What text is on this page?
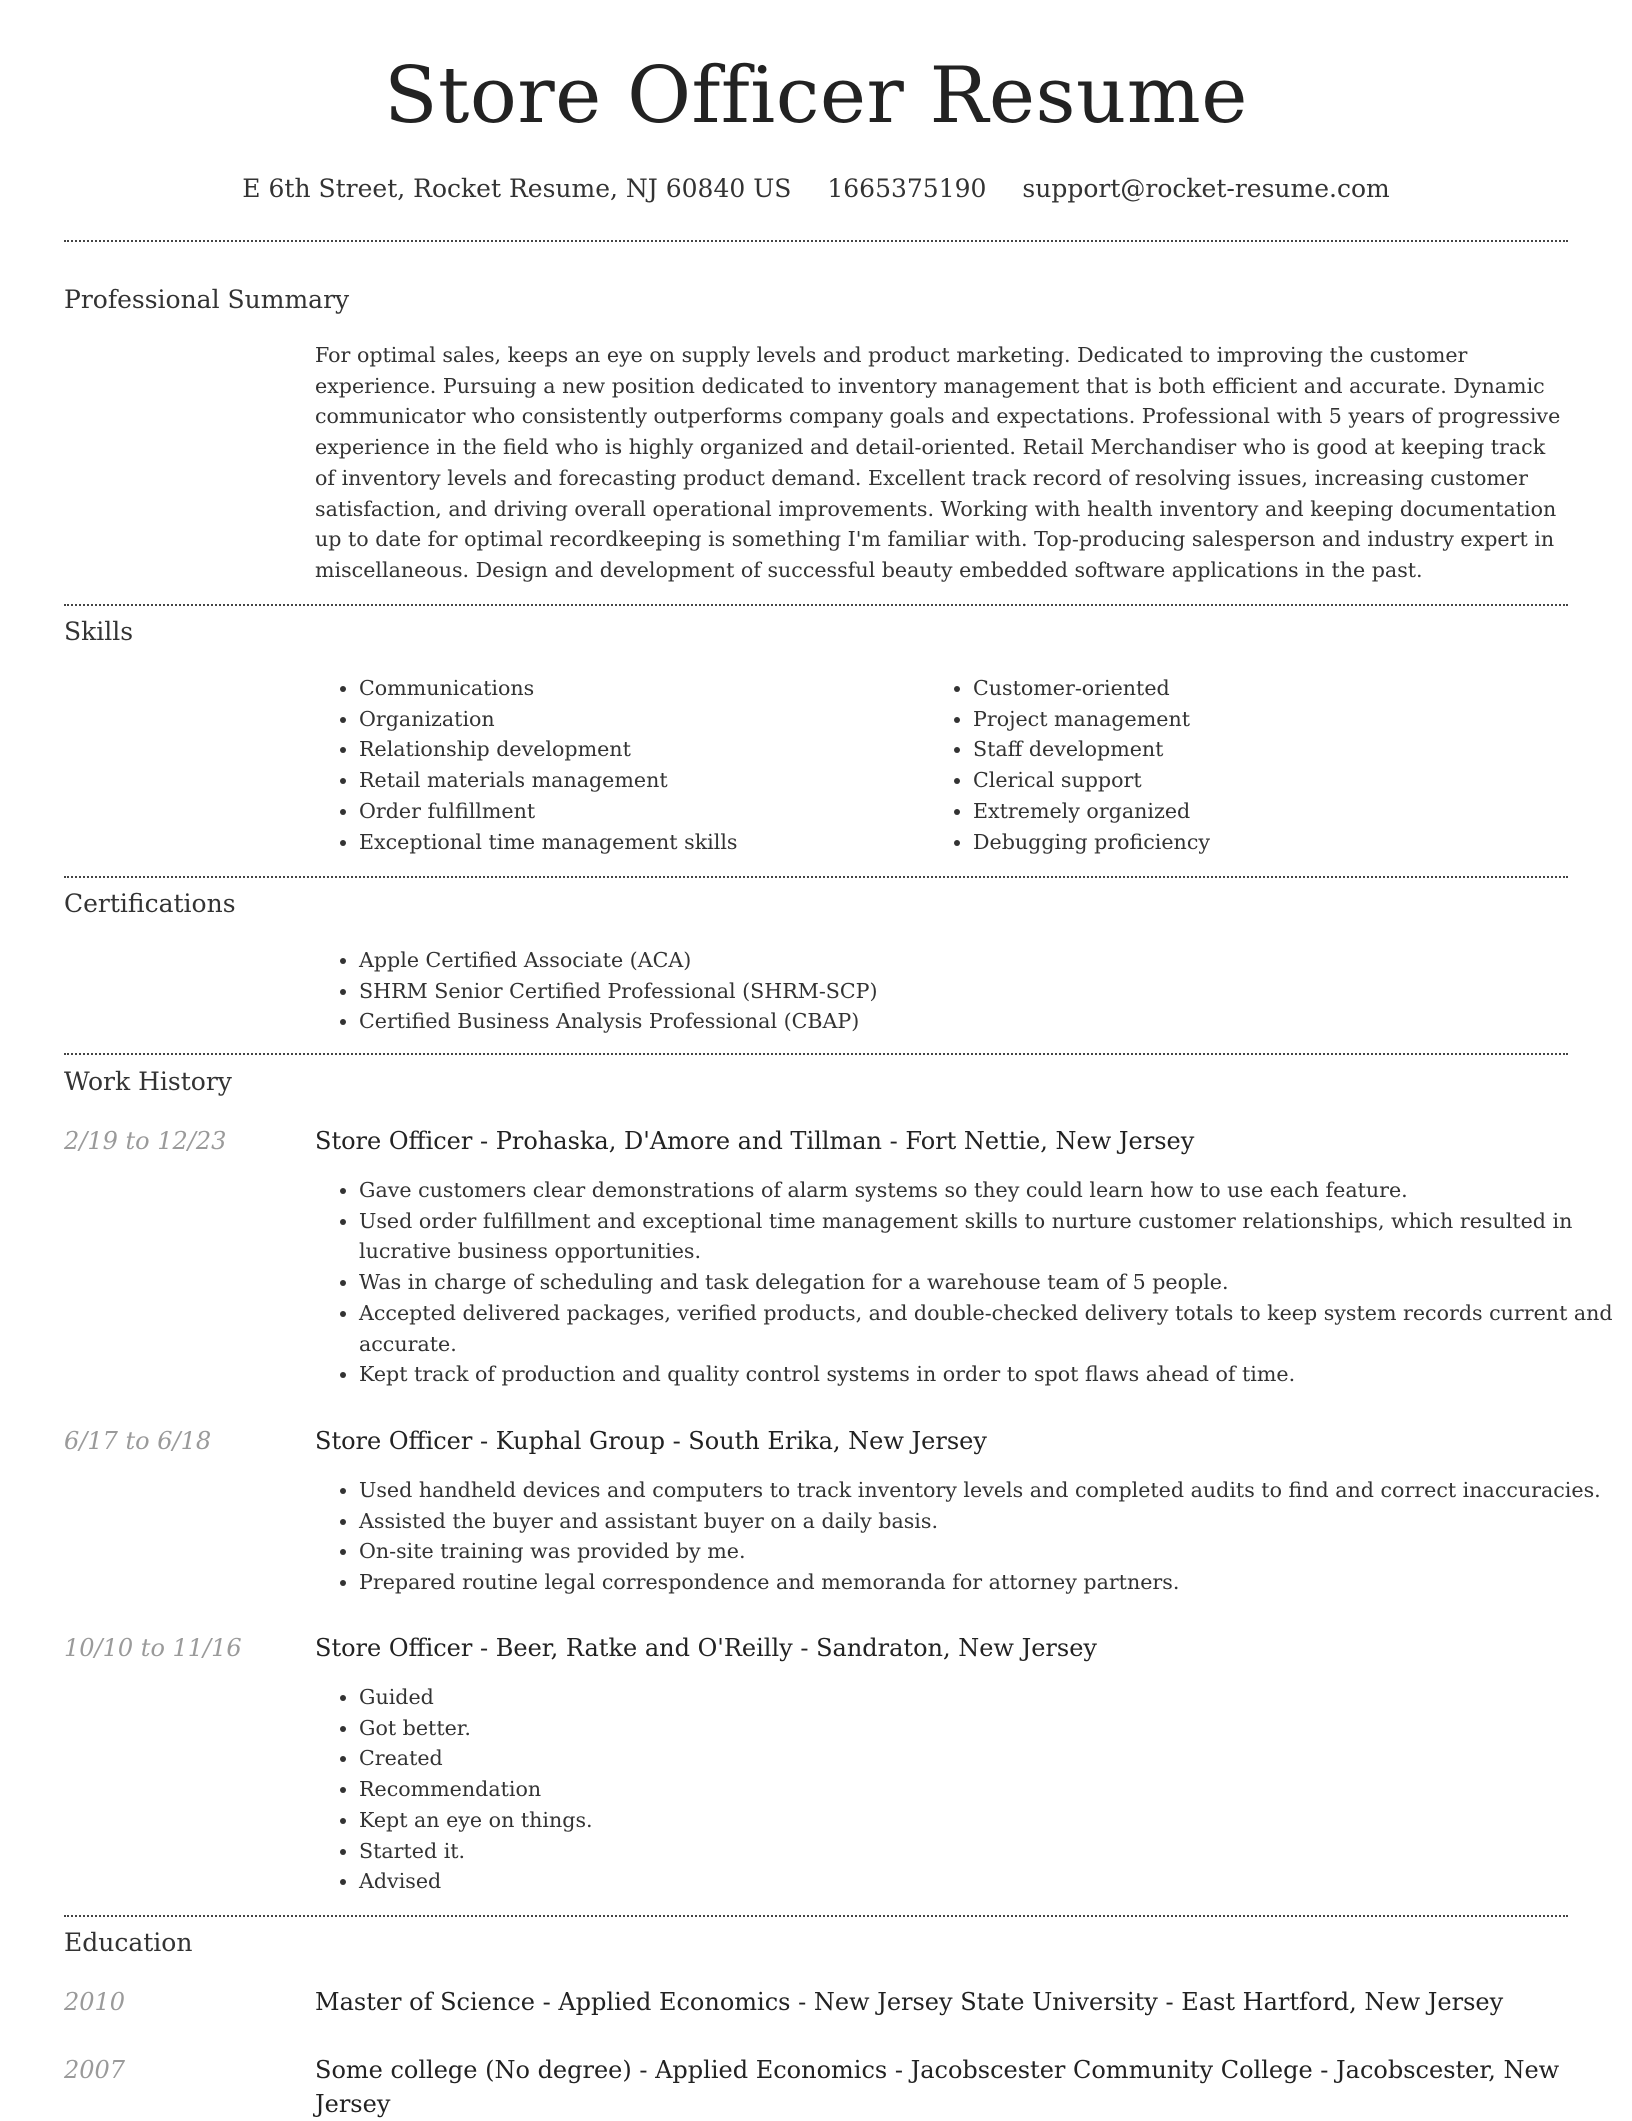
Store Officer Resume
E 6th Street, Rocket Resume, NJ 60840 US 1665375190 support@rocket-resume.com
Professional Summary

For optimal sales, keeps an eye on supply levels and product marketing. Dedicated to improving the customer experience. Pursuing a new position dedicated to inventory management that is both efficient and accurate. Dynamic communicator who consistently outperforms company goals and expectations. Professional with 5 years of progressive experience in the field who is highly organized and detail-oriented. Retail Merchandiser who is good at keeping track of inventory levels and forecasting product demand. Excellent track record of resolving issues, increasing customer satisfaction, and driving overall operational improvements. Working with health inventory and keeping documentation up to date for optimal recordkeeping is something I'm familiar with. Top-producing salesperson and industry expert in miscellaneous. Design and development of successful beauty embedded software applications in the past.

Skills
• Communications
• Organization
• Relationship development
• Retail materials management
• Order fulfillment
• Exceptional time management skills
• Customer-oriented
• Project management
• Staff development
• Clerical support
• Extremely organized
• Debugging proficiency
Certifications
• Apple Certified Associate (ACA)
• SHRM Senior Certified Professional (SHRM-SCP)
• Certified Business Analysis Professional (CBAP)
Work History
2/19 to 12/23	Store Officer - Prohaska, D'Amore and Tillman - Fort Nettie, New Jersey
• Gave customers clear demonstrations of alarm systems so they could learn how to use each feature.
• Used order fulfillment and exceptional time management skills to nurture customer relationships, which resulted in lucrative business opportunities.
• Was in charge of scheduling and task delegation for a warehouse team of 5 people.
• Accepted delivered packages, verified products, and double-checked delivery totals to keep system records current and accurate.
• Kept track of production and quality control systems in order to spot flaws ahead of time.
6/17 to 6/18	Store Officer - Kuphal Group - South Erika, New Jersey
• Used handheld devices and computers to track inventory levels and completed audits to find and correct inaccuracies.
• Assisted the buyer and assistant buyer on a daily basis.
• On-site training was provided by me.
• Prepared routine legal correspondence and memoranda for attorney partners.
10/10 to 11/16	Store Officer - Beer, Ratke and O'Reilly - Sandraton, New Jersey
• Guided
• Got better.
• Created
• Recommendation
• Kept an eye on things.
• Started it.
• Advised
Education
2010	Master of Science - Applied Economics - New Jersey State University - East Hartford, New Jersey
2007	Some college (No degree) - Applied Economics - Jacobscester Community College - Jacobscester, New Jersey
